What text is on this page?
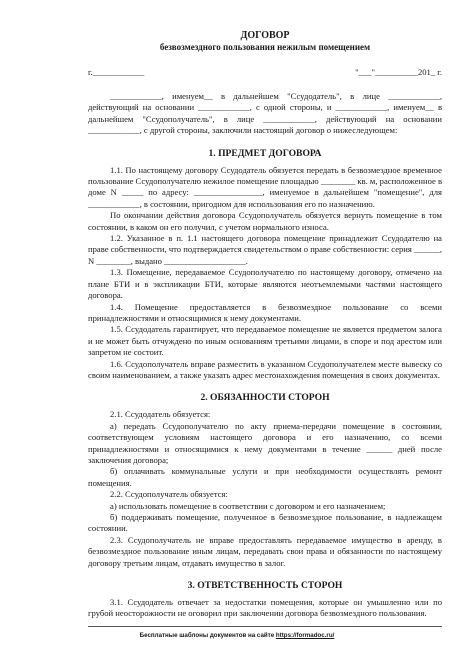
ДОГОВОР

безвозмездного пользования нежилым помещением

г.____________	"___"__________201_ г.

____________, именуем__ в дальнейшем "Ссудодатель", в лице ____________, действующий на основании ____________, с одной стороны, и ____________, именуем__ в дальнейшем "Ссудополучатель", в лице ____________, действующий на основании ____________, с другой стороны, заключили настоящий договор о нижеследующем:

1. ПРЕДМЕТ ДОГОВОРА

1.1. По настоящему договору Ссудодатель обязуется передать в безвозмездное временное пользование Ссудополучателю нежилое помещение площадью ________ кв. м, расположенное в доме N _____ по адресу: ________________, именуемое в дальнейшем "помещение", для ____________, в состоянии, пригодном для использования его по назначению.

По окончании действия договора Ссудополучатель обязуется вернуть помещение в том состоянии, в каком он его получил, с учетом нормального износа.

1.2. Указанное в п. 1.1 настоящего договора помещение принадлежит Ссудодателю на праве собственности, что подтверждается свидетельством о праве собственности: серия ______, N ________, выдано ___________________.

1.3. Помещение, передаваемое Ссудополучателю по настоящему договору, отмечено на плане БТИ и в экспликации БТИ, которые являются неотъемлемыми частями настоящего договора.

1.4. Помещение предоставляется в безвозмездное пользование со всеми принадлежностями и относящимися к нему документами.

1.5. Ссудодатель гарантирует, что передаваемое помещение не является предметом залога и не может быть отчуждено по иным основаниям третьими лицами, в споре и под арестом или запретом не состоит.

1.6. Ссудополучатель вправе разместить в указанном Ссудополучателем месте вывеску со своим наименованием, а также указать адрес местонахождения помещения в своих документах.

2. ОБЯЗАННОСТИ СТОРОН

2.1. Ссудодатель обязуется:

а) передать Ссудополучателю по акту приема-передачи помещение в состоянии, соответствующем условиям настоящего договора и его назначению, со всеми принадлежностями и относящимися к нему документами в течение ______ дней после заключения договора;

б) оплачивать коммунальные услуги и при необходимости осуществлять ремонт помещения.

2.2. Ссудополучатель обязуется:

а) использовать помещение в соответствии с договором и его назначением;

б) поддерживать помещение, полученное в безвозмездное пользование, в надлежащем состоянии.

2.3. Ссудополучатель не вправе предоставлять передаваемое имущество в аренду, в безвозмездное пользование иным лицам, передавать свои права и обязанности по настоящему договору третьим лицам, отдавать имущество в залог.

3. ОТВЕТСТВЕННОСТЬ СТОРОН

3.1. Ссудодатель отвечает за недостатки помещения, которые он умышленно или по грубой неосторожности не оговорил при заключении договора безвозмездного пользования.

Бесплатные шаблоны документов на сайте https://formadoc.ru/
